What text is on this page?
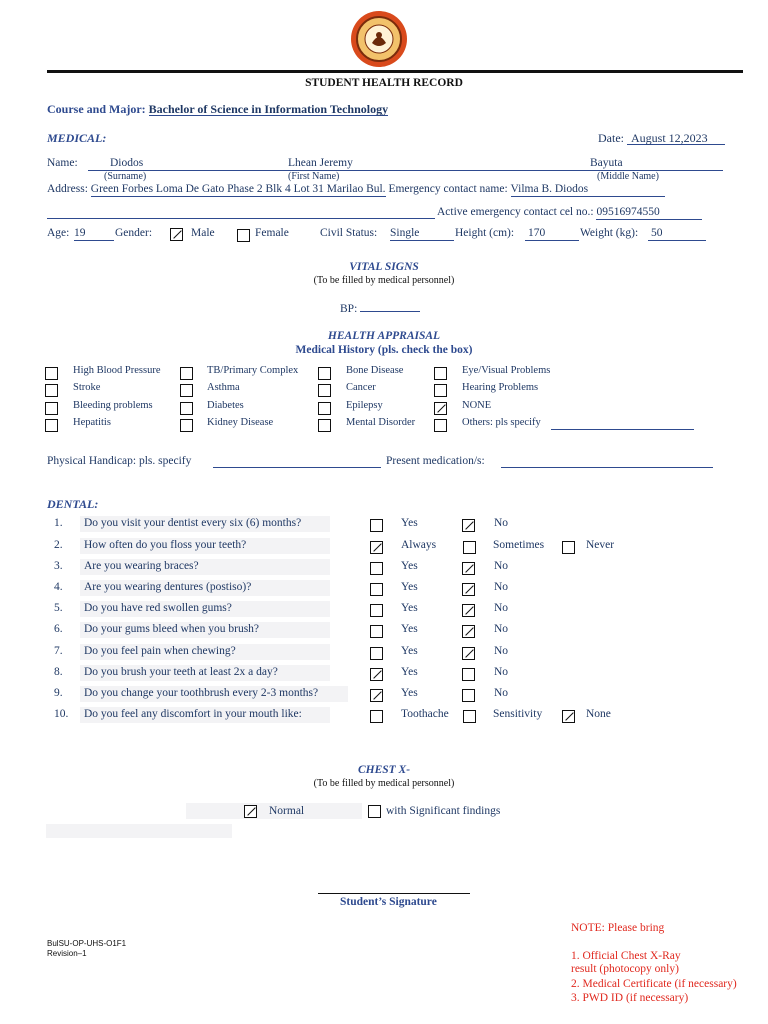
STUDENT HEALTH RECORD
Course and Major: Bachelor of Science in Information Technology
MEDICAL:	Date: August 12,2023
Name:	Diodos	Lhean Jeremy	Bayuta
(Surname)	(First Name)	(Middle Name)
Address: Green Forbes Loma De Gato Phase 2 Blk 4 Lot 31 Marilao Bul. Emergency contact name: Vilma B. Diodos
Active emergency contact cel no.: 09516974550
Age: 19	Gender:	Male	Female	Civil Status: Single	Height (cm): 170	Weight (kg): 50
VITAL SIGNS
(To be filled by medical personnel)
BP:
HEALTH APPRAISAL
Medical History (pls. check the box)
High Blood Pressure	TB/Primary Complex	Bone Disease	Eye/Visual Problems
Stroke	Asthma	Cancer	Hearing Problems
Bleeding problems	Diabetes	Epilepsy	NONE
Hepatitis	Kidney Disease	Mental Disorder	Others: pls specify
Physical Handicap: pls. specify	Present medication/s:
DENTAL:
1. Do you visit your dentist every six (6) months?	Yes	No
2. How often do you floss your teeth?	Always	Sometimes	Never
3. Are you wearing braces?	Yes	No
4. Are you wearing dentures (postiso)?	Yes	No
5. Do you have red swollen gums?	Yes	No
6. Do your gums bleed when you brush?	Yes	No
7. Do you feel pain when chewing?	Yes	No
8. Do you brush your teeth at least 2x a day?	Yes	No
9. Do you change your toothbrush every 2-3 months?	Yes	No
10. Do you feel any discomfort in your mouth like:	Toothache	Sensitivity	None
CHEST X-
(To be filled by medical personnel)
Normal	with Significant findings
Student’s Signature
BulSU-OP-UHS-O1F1
Revision–1
NOTE: Please bring
1. Official Chest X-Ray
result (photocopy only)
2. Medical Certificate (if necessary)
3. PWD ID (if necessary)
